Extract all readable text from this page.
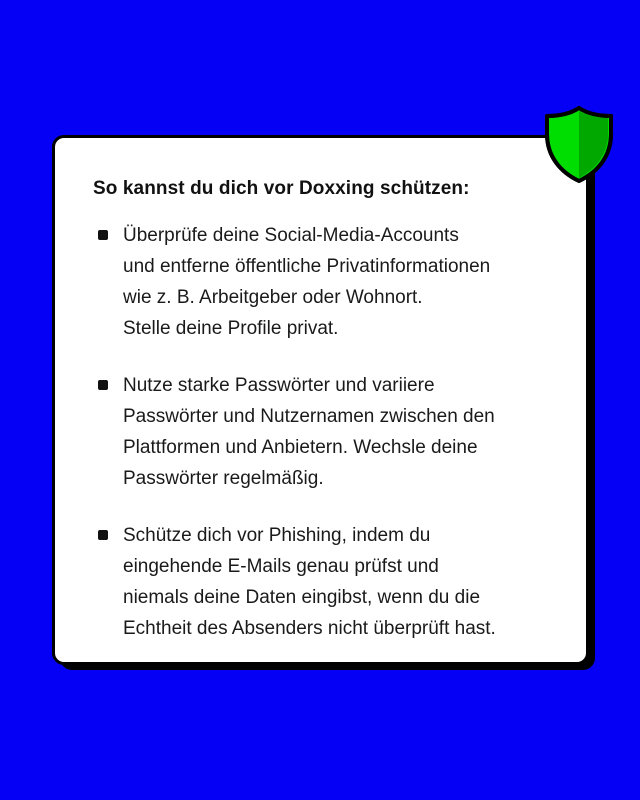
So kannst du dich vor Doxxing schützen:
Überprüfe deine Social-Media-Accounts
und entferne öffentliche Privatinformationen
wie z. B. Arbeitgeber oder Wohnort.
Stelle deine Profile privat.
Nutze starke Passwörter und variiere
Passwörter und Nutzernamen zwischen den
Plattformen und Anbietern. Wechsle deine
Passwörter regelmäßig.
Schütze dich vor Phishing, indem du
eingehende E-Mails genau prüfst und
niemals deine Daten eingibst, wenn du die
Echtheit des Absenders nicht überprüft hast.
